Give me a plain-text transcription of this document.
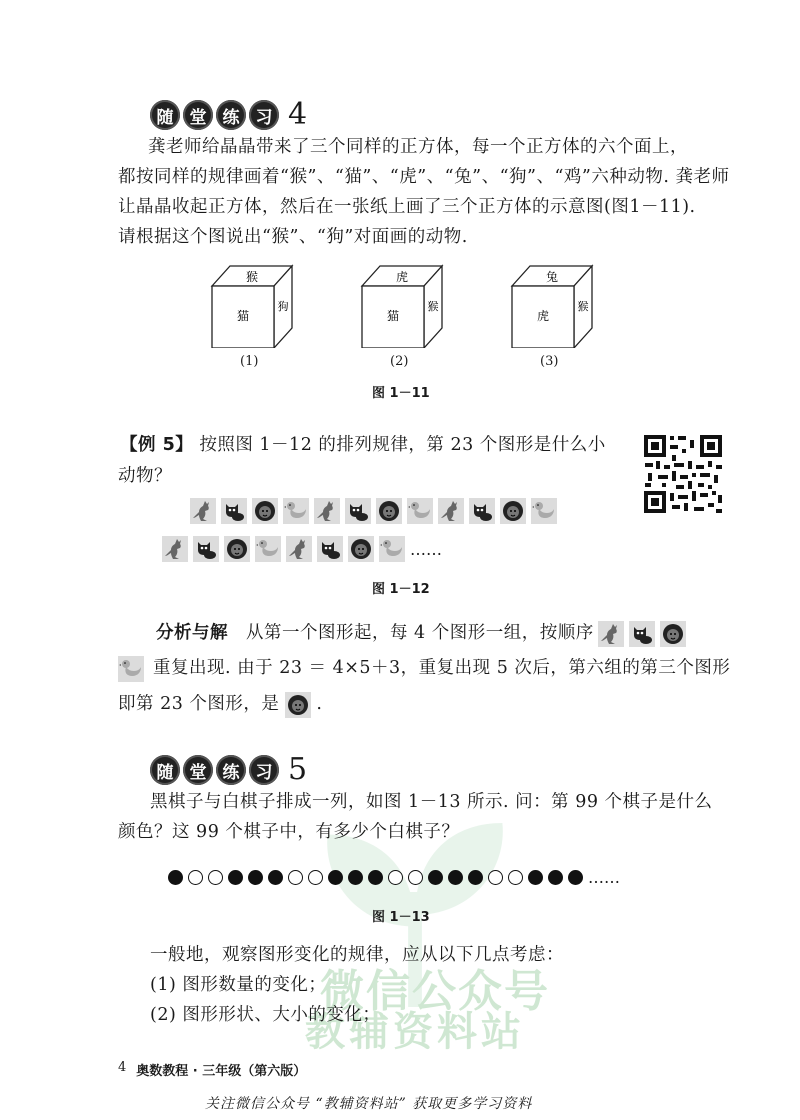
微信公众号
教辅资料站
随 堂 练 习 4
龚老师给晶晶带来了三个同样的正方体，每一个正方体的六个面上，
都按同样的规律画着“猴”、“猫”、“虎”、“兔”、“狗”、“鸡”六种动物. 龚老师
让晶晶收起正方体，然后在一张纸上画了三个正方体的示意图(图1－11).
请根据这个图说出“猴”、“狗”对面画的动物.
猴
猫
狗
虎
猫
猴
兔
虎
猴
(1)	(2)	(3)
图 1－11
【例 5】 按照图 1－12 的排列规律，第 23 个图形是什么小
动物？
……
图 1－12
分析与解 从第一个图形起，每 4 个图形一组，按顺序
重复出现. 由于 23 ＝ 4×5＋3，重复出现 5 次后，第六组的第三个图形
即第 23 个图形，是 .
随 堂 练 习 5
黑棋子与白棋子排成一列，如图 1－13 所示. 问：第 99 个棋子是什么
颜色？这 99 个棋子中，有多少个白棋子？
……
图 1－13
一般地，观察图形变化的规律，应从以下几点考虑：
(1) 图形数量的变化；
(2) 图形形状、大小的变化；
4 奥数教程 · 三年级（第六版）
关注微信公众号 “教辅资料站” 获取更多学习资料
